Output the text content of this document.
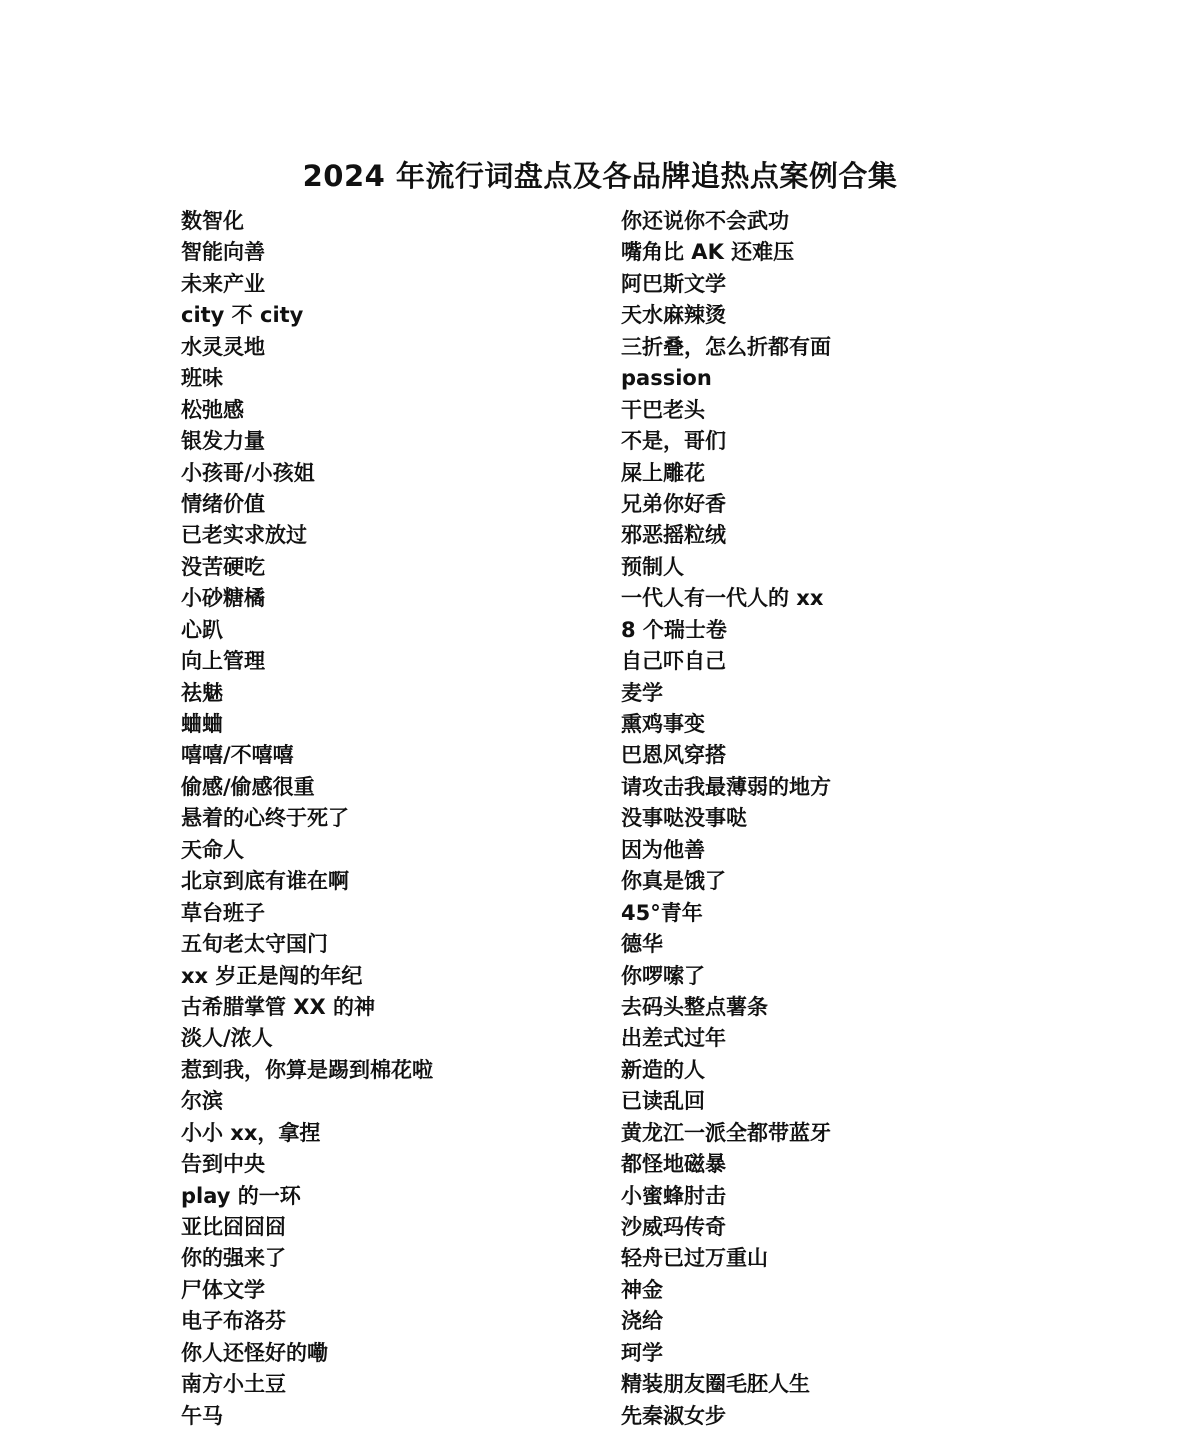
2024 年流行词盘点及各品牌追热点案例合集
数智化
智能向善
未来产业
city 不 city
水灵灵地
班味
松弛感
银发力量
小孩哥/小孩姐
情绪价值
已老实求放过
没苦硬吃
小砂糖橘
心趴
向上管理
祛魅
蛐蛐
嘻嘻/不嘻嘻
偷感/偷感很重
悬着的心终于死了
天命人
北京到底有谁在啊
草台班子
五旬老太守国门
xx 岁正是闯的年纪
古希腊掌管 XX 的神
淡人/浓人
惹到我，你算是踢到棉花啦
尔滨
小小 xx，拿捏
告到中央
play 的一环
亚比囧囧囧
你的强来了
尸体文学
电子布洛芬
你人还怪好的嘞
南方小土豆
午马
你还说你不会武功
嘴角比 AK 还难压
阿巴斯文学
天水麻辣烫
三折叠，怎么折都有面
passion
干巴老头
不是，哥们
屎上雕花
兄弟你好香
邪恶摇粒绒
预制人
一代人有一代人的 xx
8 个瑞士卷
自己吓自己
麦学
熏鸡事变
巴恩风穿搭
请攻击我最薄弱的地方
没事哒没事哒
因为他善
你真是饿了
45°青年
德华
你啰嗦了
去码头整点薯条
出差式过年
新造的人
已读乱回
黄龙江一派全都带蓝牙
都怪地磁暴
小蜜蜂肘击
沙威玛传奇
轻舟已过万重山
神金
浇给
珂学
精装朋友圈毛胚人生
先秦淑女步
